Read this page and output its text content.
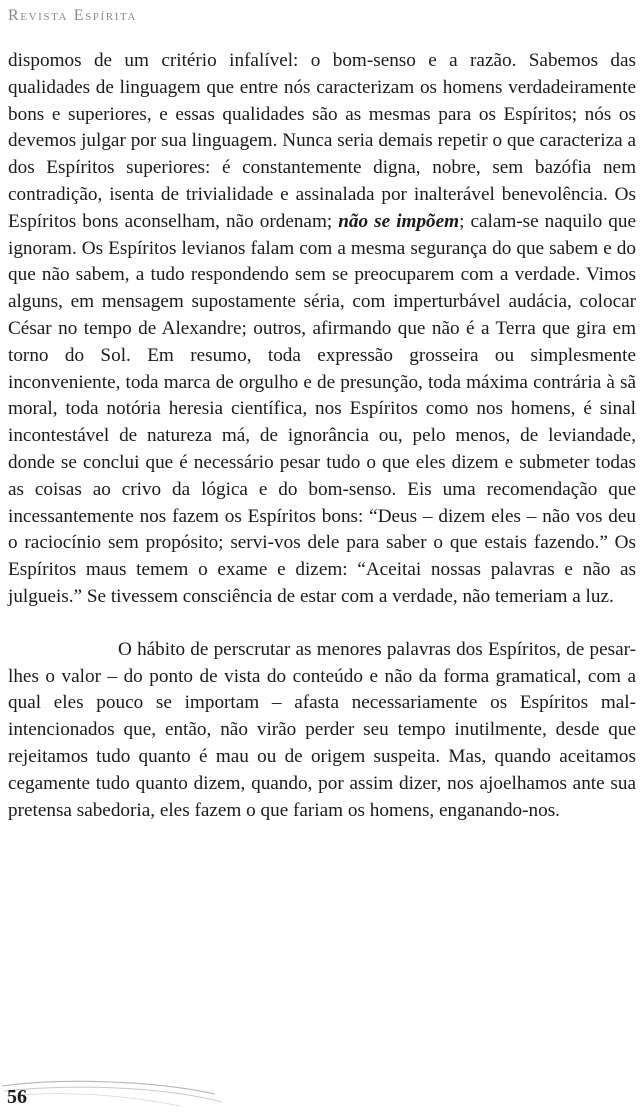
Revista Espírita

dispomos de um critério infalível: o bom-senso e a razão. Sabemos das qualidades de linguagem que entre nós caracterizam os homens verdadeiramente bons e superiores, e essas qualidades são as mesmas para os Espíritos; nós os devemos julgar por sua linguagem. Nunca seria demais repetir o que caracteriza a dos Espíritos superiores: é constantemente digna, nobre, sem bazófia nem contradição, isenta de trivialidade e assinalada por inalterável benevolência. Os Espíritos bons aconselham, não ordenam; não se impõem; calam-se naquilo que ignoram. Os Espíritos levianos falam com a mesma segurança do que sabem e do que não sabem, a tudo respondendo sem se preocuparem com a verdade. Vimos alguns, em mensagem supostamente séria, com imperturbável audácia, colocar César no tempo de Alexandre; outros, afirmando que não é a Terra que gira em torno do Sol. Em resumo, toda expressão grosseira ou simplesmente inconveniente, toda marca de orgulho e de presunção, toda máxima contrária à sã moral, toda notória heresia científica, nos Espíritos como nos homens, é sinal incontestável de natureza má, de ignorância ou, pelo menos, de leviandade, donde se conclui que é necessário pesar tudo o que eles dizem e submeter todas as coisas ao crivo da lógica e do bom-senso. Eis uma recomendação que incessantemente nos fazem os Espíritos bons: “Deus – dizem eles – não vos deu o raciocínio sem propósito; servi-vos dele para saber o que estais fazendo.” Os Espíritos maus temem o exame e dizem: “Aceitai nossas palavras e não as julgueis.” Se tivessem consciência de estar com a verdade, não temeriam a luz.

O hábito de perscrutar as menores palavras dos Espíritos, de pesar-lhes o valor – do ponto de vista do conteúdo e não da forma gramatical, com a qual eles pouco se importam – afasta necessariamente os Espíritos mal-intencionados que, então, não virão perder seu tempo inutilmente, desde que rejeitamos tudo quanto é mau ou de origem suspeita. Mas, quando aceitamos cegamente tudo quanto dizem, quando, por assim dizer, nos ajoelhamos ante sua pretensa sabedoria, eles fazem o que fariam os homens, enganando-nos.

56
